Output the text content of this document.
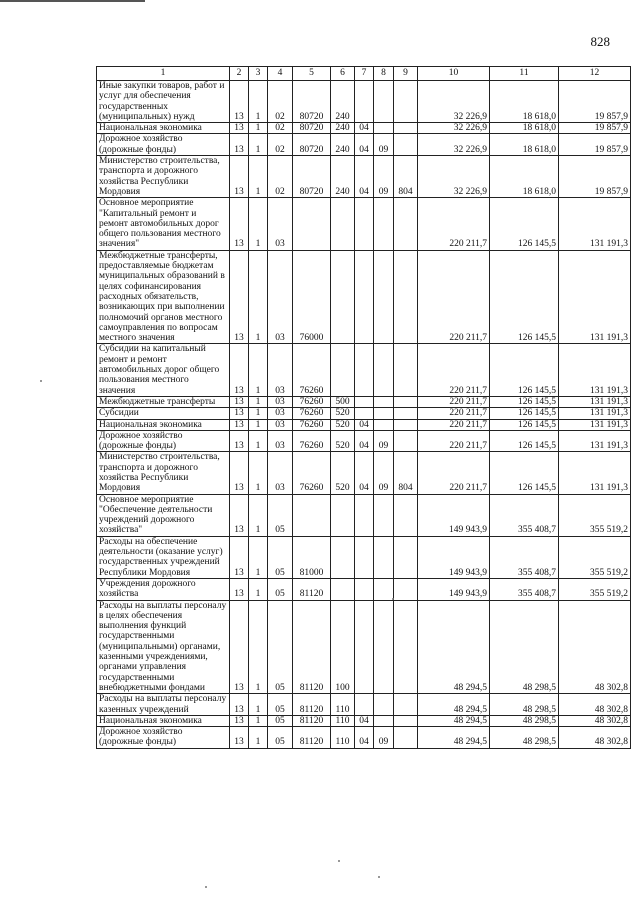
828
1	2	3	4	5	6	7	8	9	10	11	12
Иные закупки товаров, работ и услуг для обеспечения государственных (муниципальных) нужд	13	1	02	80720	240				32 226,9	18 618,0	19 857,9
Национальная экономика	13	1	02	80720	240	04			32 226,9	18 618,0	19 857,9
Дорожное хозяйство (дорожные фонды)	13	1	02	80720	240	04	09		32 226,9	18 618,0	19 857,9
Министерство строительства, транспорта и дорожного хозяйства Республики Мордовия	13	1	02	80720	240	04	09	804	32 226,9	18 618,0	19 857,9
Основное мероприятие "Капитальный ремонт и ремонт автомобильных дорог общего пользования местного значения"	13	1	03						220 211,7	126 145,5	131 191,3
Межбюджетные трансферты, предоставляемые бюджетам муниципальных образований в целях софинансирования расходных обязательств, возникающих при выполнении полномочий органов местного самоуправления по вопросам местного значения	13	1	03	76000					220 211,7	126 145,5	131 191,3
Субсидии на капитальный ремонт и ремонт автомобильных дорог общего пользования местного значения	13	1	03	76260					220 211,7	126 145,5	131 191,3
Межбюджетные трансферты	13	1	03	76260	500				220 211,7	126 145,5	131 191,3
Субсидии	13	1	03	76260	520				220 211,7	126 145,5	131 191,3
Национальная экономика	13	1	03	76260	520	04			220 211,7	126 145,5	131 191,3
Дорожное хозяйство (дорожные фонды)	13	1	03	76260	520	04	09		220 211,7	126 145,5	131 191,3
Министерство строительства, транспорта и дорожного хозяйства Республики Мордовия	13	1	03	76260	520	04	09	804	220 211,7	126 145,5	131 191,3
Основное мероприятие "Обеспечение деятельности учреждений дорожного хозяйства"	13	1	05						149 943,9	355 408,7	355 519,2
Расходы на обеспечение деятельности (оказание услуг) государственных учреждений Республики Мордовия	13	1	05	81000					149 943,9	355 408,7	355 519,2
Учреждения дорожного хозяйства	13	1	05	81120					149 943,9	355 408,7	355 519,2
Расходы на выплаты персоналу в целях обеспечения выполнения функций государственными (муниципальными) органами, казенными учреждениями, органами управления государственными внебюджетными фондами	13	1	05	81120	100				48 294,5	48 298,5	48 302,8
Расходы на выплаты персоналу казенных учреждений	13	1	05	81120	110				48 294,5	48 298,5	48 302,8
Национальная экономика	13	1	05	81120	110	04			48 294,5	48 298,5	48 302,8
Дорожное хозяйство (дорожные фонды)	13	1	05	81120	110	04	09		48 294,5	48 298,5	48 302,8
